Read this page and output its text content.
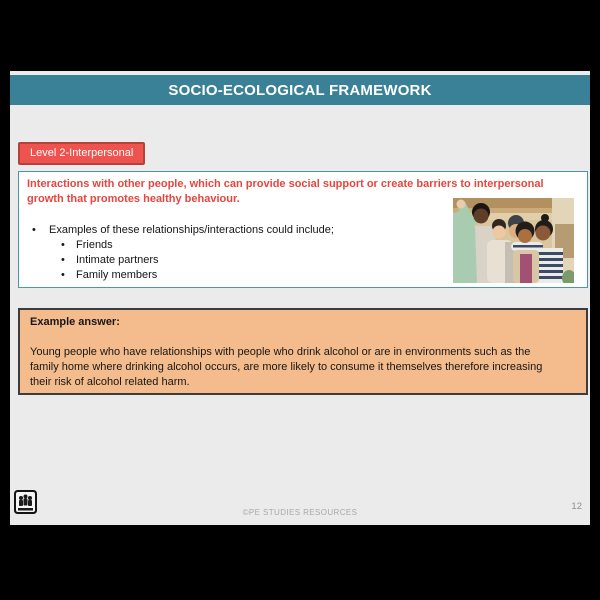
SOCIO-ECOLOGICAL FRAMEWORK
Level 2-Interpersonal

Interactions with other people, which can provide social support or create barriers to interpersonal growth that promotes healthy behaviour.

• Examples of these relationships/interactions could include;
• Friends
• Intimate partners
• Family members

Example answer:

Young people who have relationships with people who drink alcohol or are in environments such as the family home where drinking alcohol occurs, are more likely to consume it themselves therefore increasing their risk of alcohol related harm.

©PE STUDIES RESOURCES
12
